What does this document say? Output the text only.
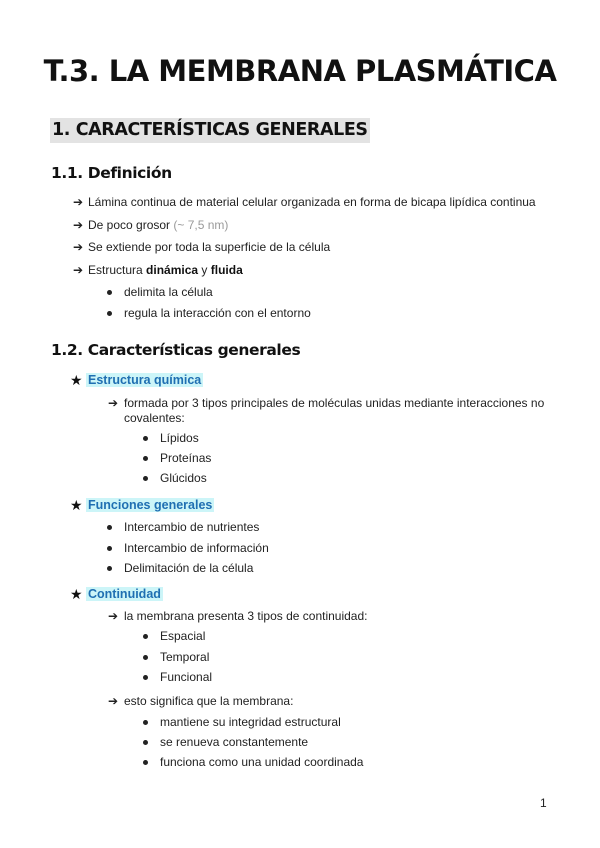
T.3. LA MEMBRANA PLASMÁTICA
1. CARACTERÍSTICAS GENERALES
1.1. Definición
➔ Lámina continua de material celular organizada en forma de bicapa lipídica continua
➔ De poco grosor (~ 7,5 nm)
➔ Se extiende por toda la superficie de la célula
➔ Estructura dinámica y fluida
delimita la célula
regula la interacción con el entorno
1.2. Características generales
★ Estructura química
➔ formada por 3 tipos principales de moléculas unidas mediante interacciones no
covalentes:
Lípidos
Proteínas
Glúcidos
★ Funciones generales
Intercambio de nutrientes
Intercambio de información
Delimitación de la célula
★ Continuidad
➔ la membrana presenta 3 tipos de continuidad:
Espacial
Temporal
Funcional
➔ esto significa que la membrana:
mantiene su integridad estructural
se renueva constantemente
funciona como una unidad coordinada
1
